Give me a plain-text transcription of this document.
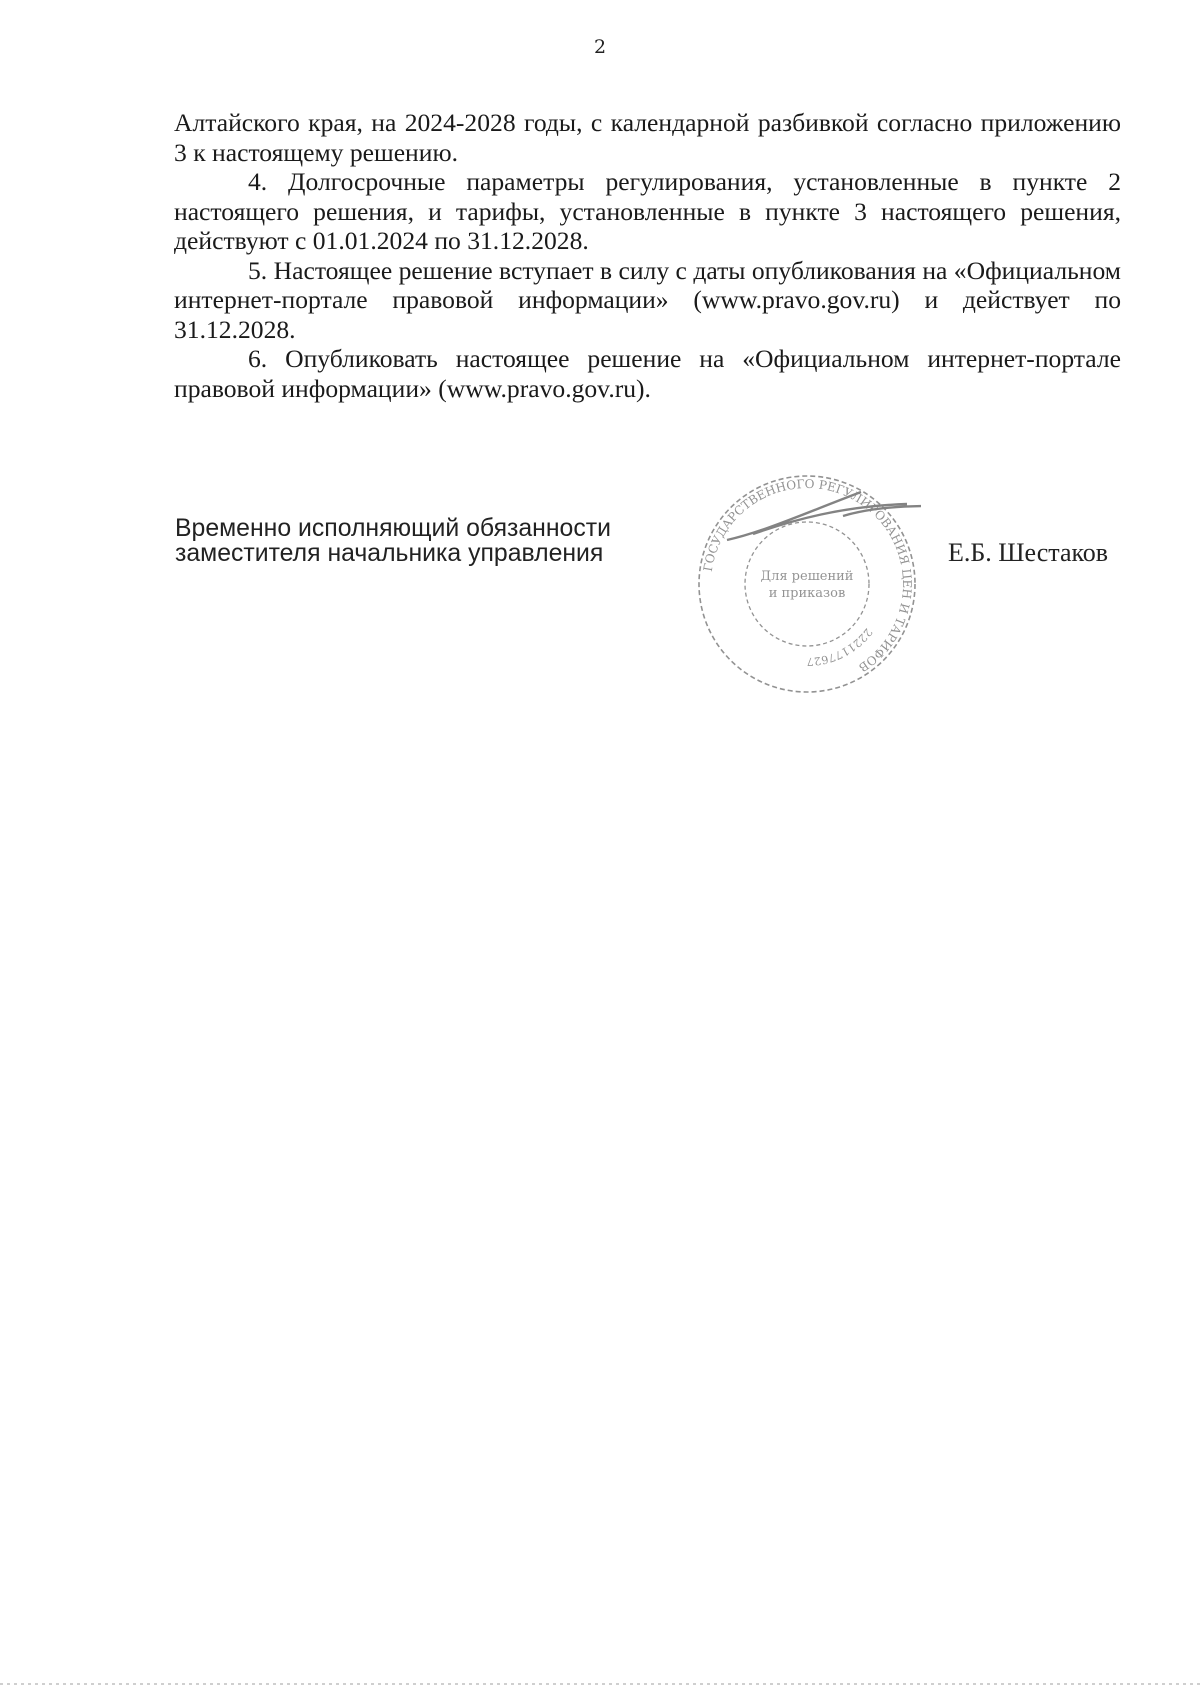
2

Алтайского края, на 2024-2028 годы, с календарной разбивкой согласно приложению 3 к настоящему решению.

4. Долгосрочные параметры регулирования, установленные в пункте 2 настоящего решения, и тарифы, установленные в пункте 3 настоящего решения, действуют с 01.01.2024 по 31.12.2028.

5. Настоящее решение вступает в силу с даты опубликования на «Официальном интернет-портале правовой информации» (www.pravo.gov.ru) и действует по 31.12.2028.

6. Опубликовать настоящее решение на «Официальном интернет-портале правовой информации» (www.pravo.gov.ru).

Временно исполняющий обязанности
заместителя начальника управления
ГОСУДАРСТВЕННОГО РЕГУЛИРОВАНИЯ ЦЕН И ТАРИФОВ
2221177627
Для решений
и приказов
Е.Б. Шестаков
